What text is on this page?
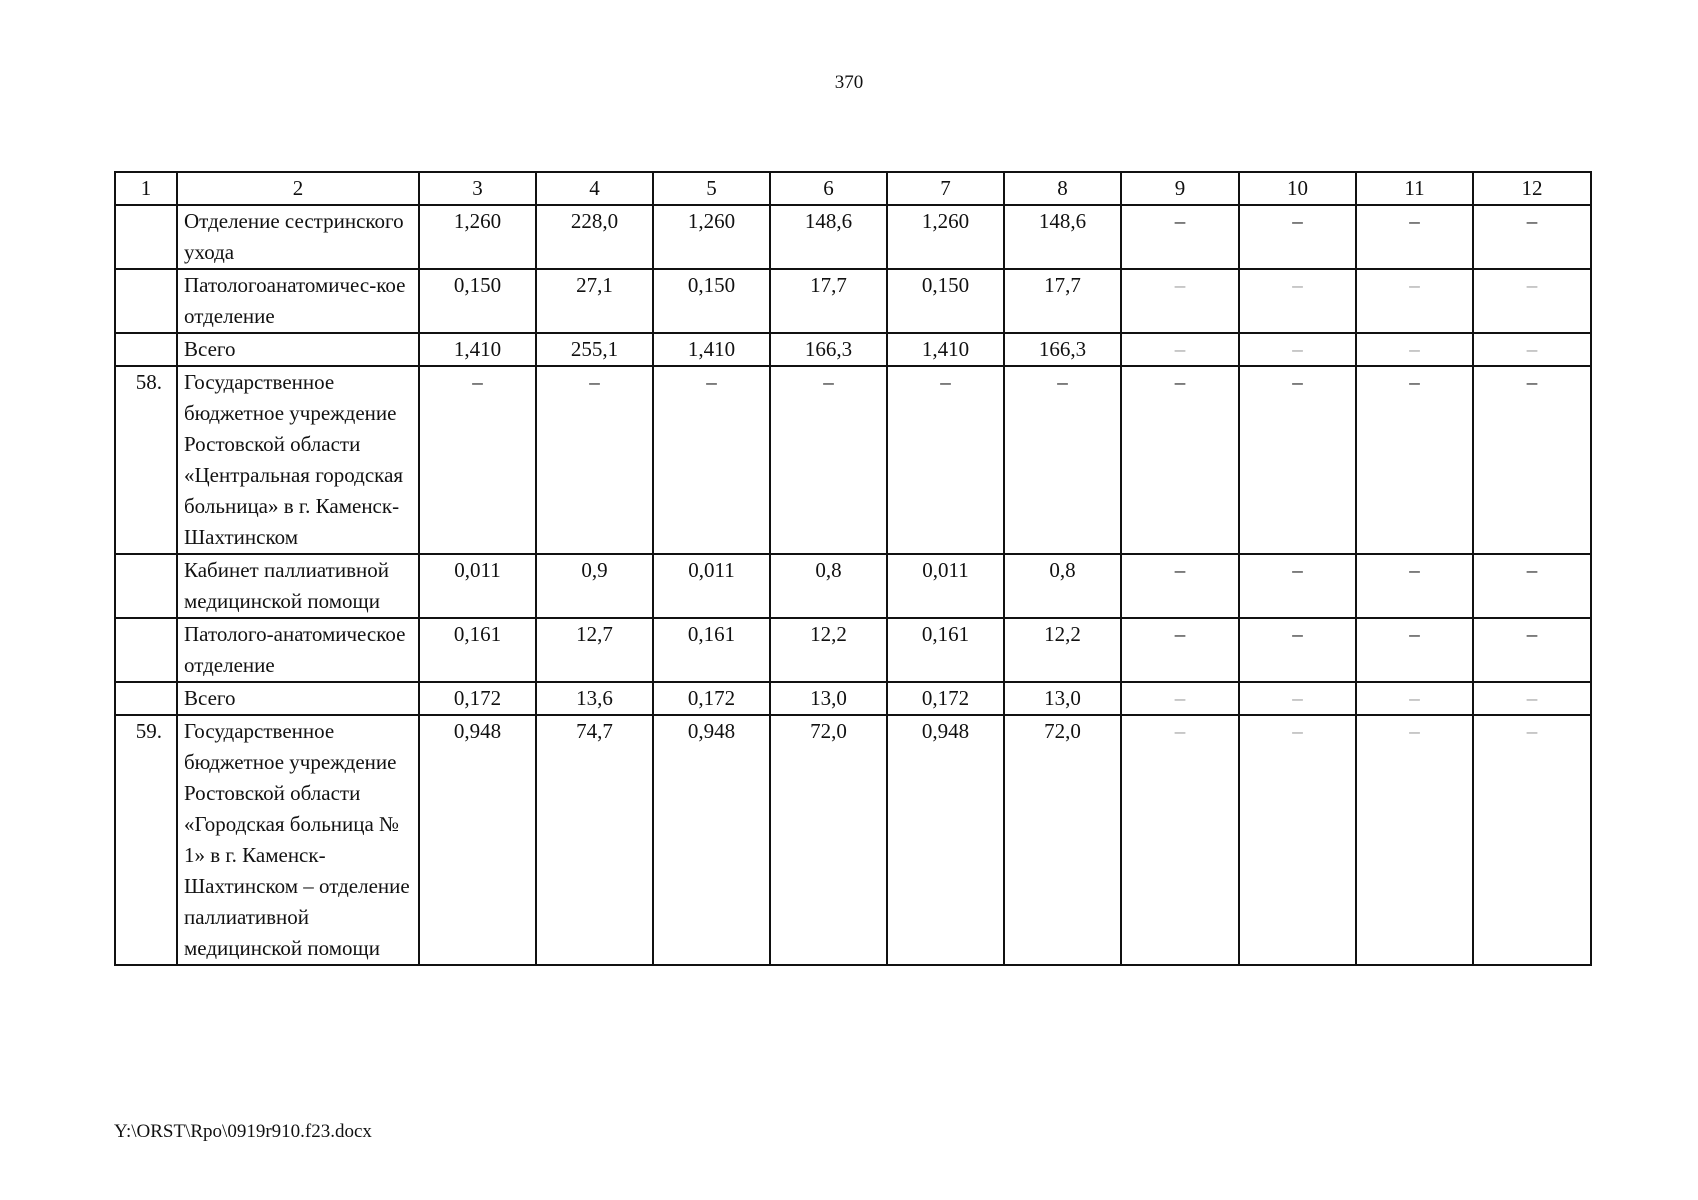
370
1	2	3	4	5	6	7	8	9	10	11	12
	Отделение сестринского ухода	1,260	228,0	1,260	148,6	1,260	148,6	–	–	–	–
	Патологоанатомичес-кое отделение	0,150	27,1	0,150	17,7	0,150	17,7	–	–	–	–
	Всего	1,410	255,1	1,410	166,3	1,410	166,3	–	–	–	–
58.	Государственное бюджетное учреждение Ростовской области «Центральная городская больница» в г. Каменск-Шахтинском	–	–	–	–	–	–	–	–	–	–
	Кабинет паллиативной медицинской помощи	0,011	0,9	0,011	0,8	0,011	0,8	–	–	–	–
	Патолого-анатомическое отделение	0,161	12,7	0,161	12,2	0,161	12,2	–	–	–	–
	Всего	0,172	13,6	0,172	13,0	0,172	13,0	–	–	–	–
59.	Государственное бюджетное учреждение Ростовской области «Городская больница № 1» в г. Каменск-Шахтинском – отделение паллиативной медицинской помощи	0,948	74,7	0,948	72,0	0,948	72,0	–	–	–	–
Y:\ORST\Rpo\0919r910.f23.docx
